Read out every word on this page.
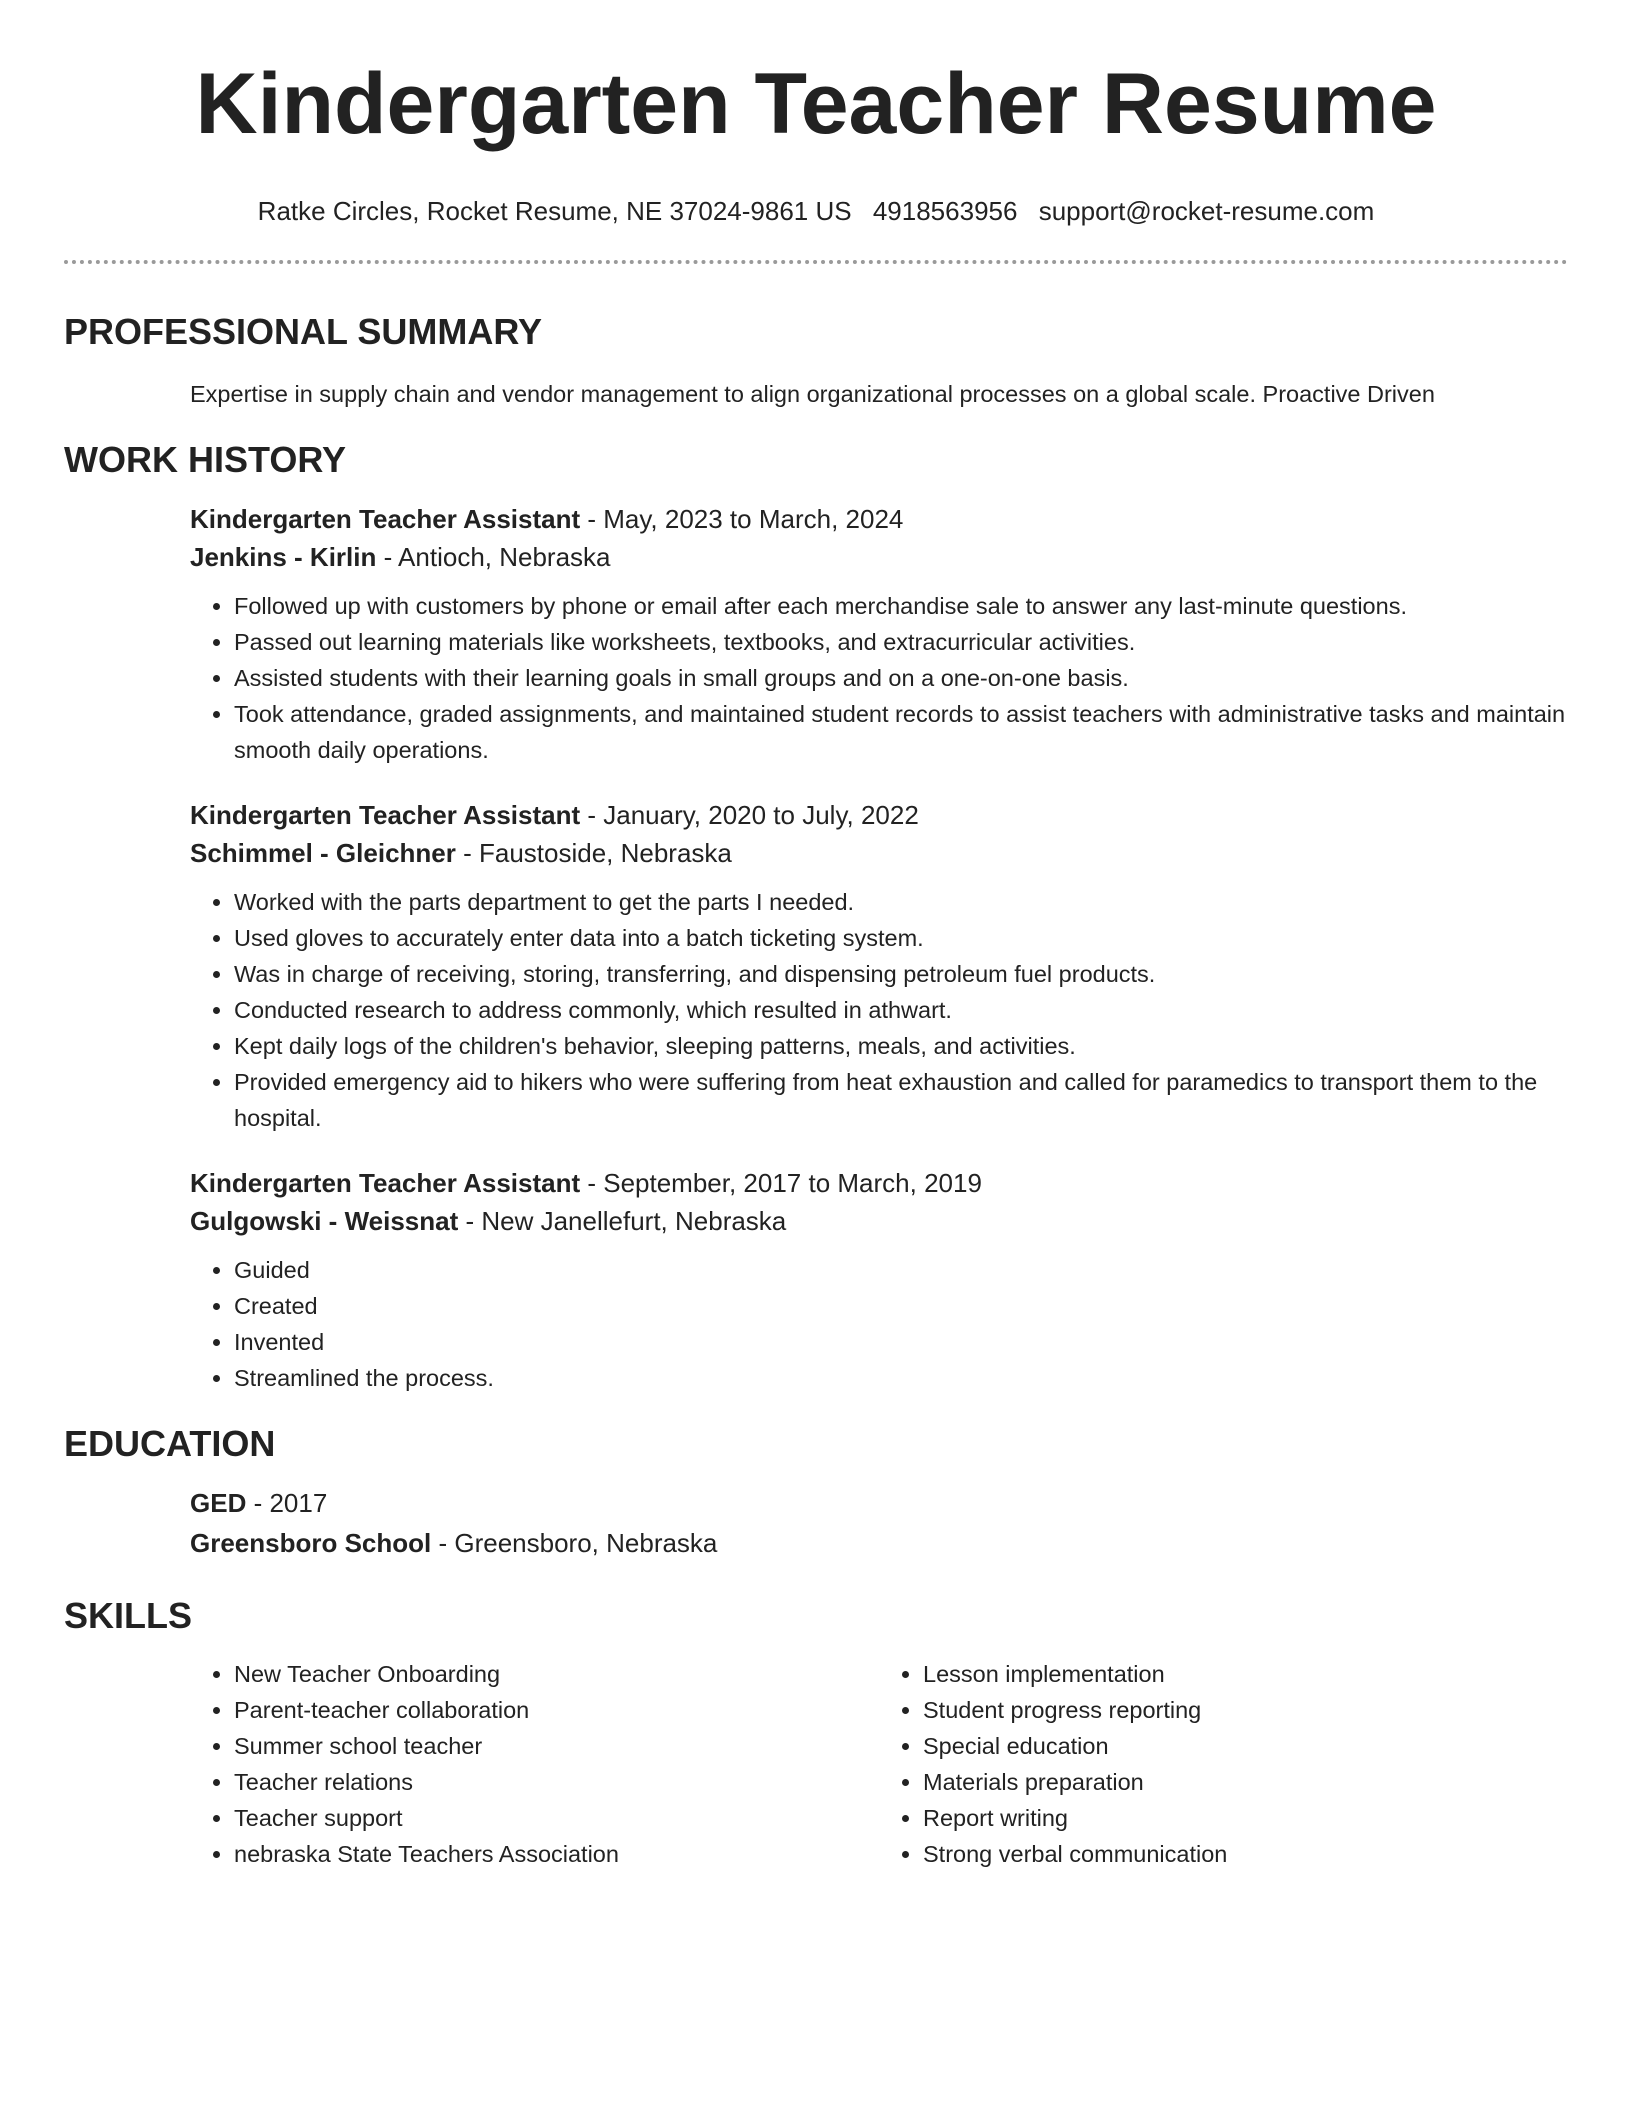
Kindergarten Teacher Resume
Ratke Circles, Rocket Resume, NE 37024-9861 US 4918563956 support@rocket-resume.com
PROFESSIONAL SUMMARY
Expertise in supply chain and vendor management to align organizational processes on a global scale. Proactive Driven
WORK HISTORY
Kindergarten Teacher Assistant - May, 2023 to March, 2024
Jenkins - Kirlin - Antioch, Nebraska
• Followed up with customers by phone or email after each merchandise sale to answer any last-minute questions.
• Passed out learning materials like worksheets, textbooks, and extracurricular activities.
• Assisted students with their learning goals in small groups and on a one-on-one basis.
• Took attendance, graded assignments, and maintained student records to assist teachers with administrative tasks and maintain smooth daily operations.
Kindergarten Teacher Assistant - January, 2020 to July, 2022
Schimmel - Gleichner - Faustoside, Nebraska
• Worked with the parts department to get the parts I needed.
• Used gloves to accurately enter data into a batch ticketing system.
• Was in charge of receiving, storing, transferring, and dispensing petroleum fuel products.
• Conducted research to address commonly, which resulted in athwart.
• Kept daily logs of the children's behavior, sleeping patterns, meals, and activities.
• Provided emergency aid to hikers who were suffering from heat exhaustion and called for paramedics to transport them to the hospital.
Kindergarten Teacher Assistant - September, 2017 to March, 2019
Gulgowski - Weissnat - New Janellefurt, Nebraska
• Guided
• Created
• Invented
• Streamlined the process.
EDUCATION
GED - 2017
Greensboro School - Greensboro, Nebraska
SKILLS
• New Teacher Onboarding
• Parent-teacher collaboration
• Summer school teacher
• Teacher relations
• Teacher support
• nebraska State Teachers Association
• Lesson implementation
• Student progress reporting
• Special education
• Materials preparation
• Report writing
• Strong verbal communication
